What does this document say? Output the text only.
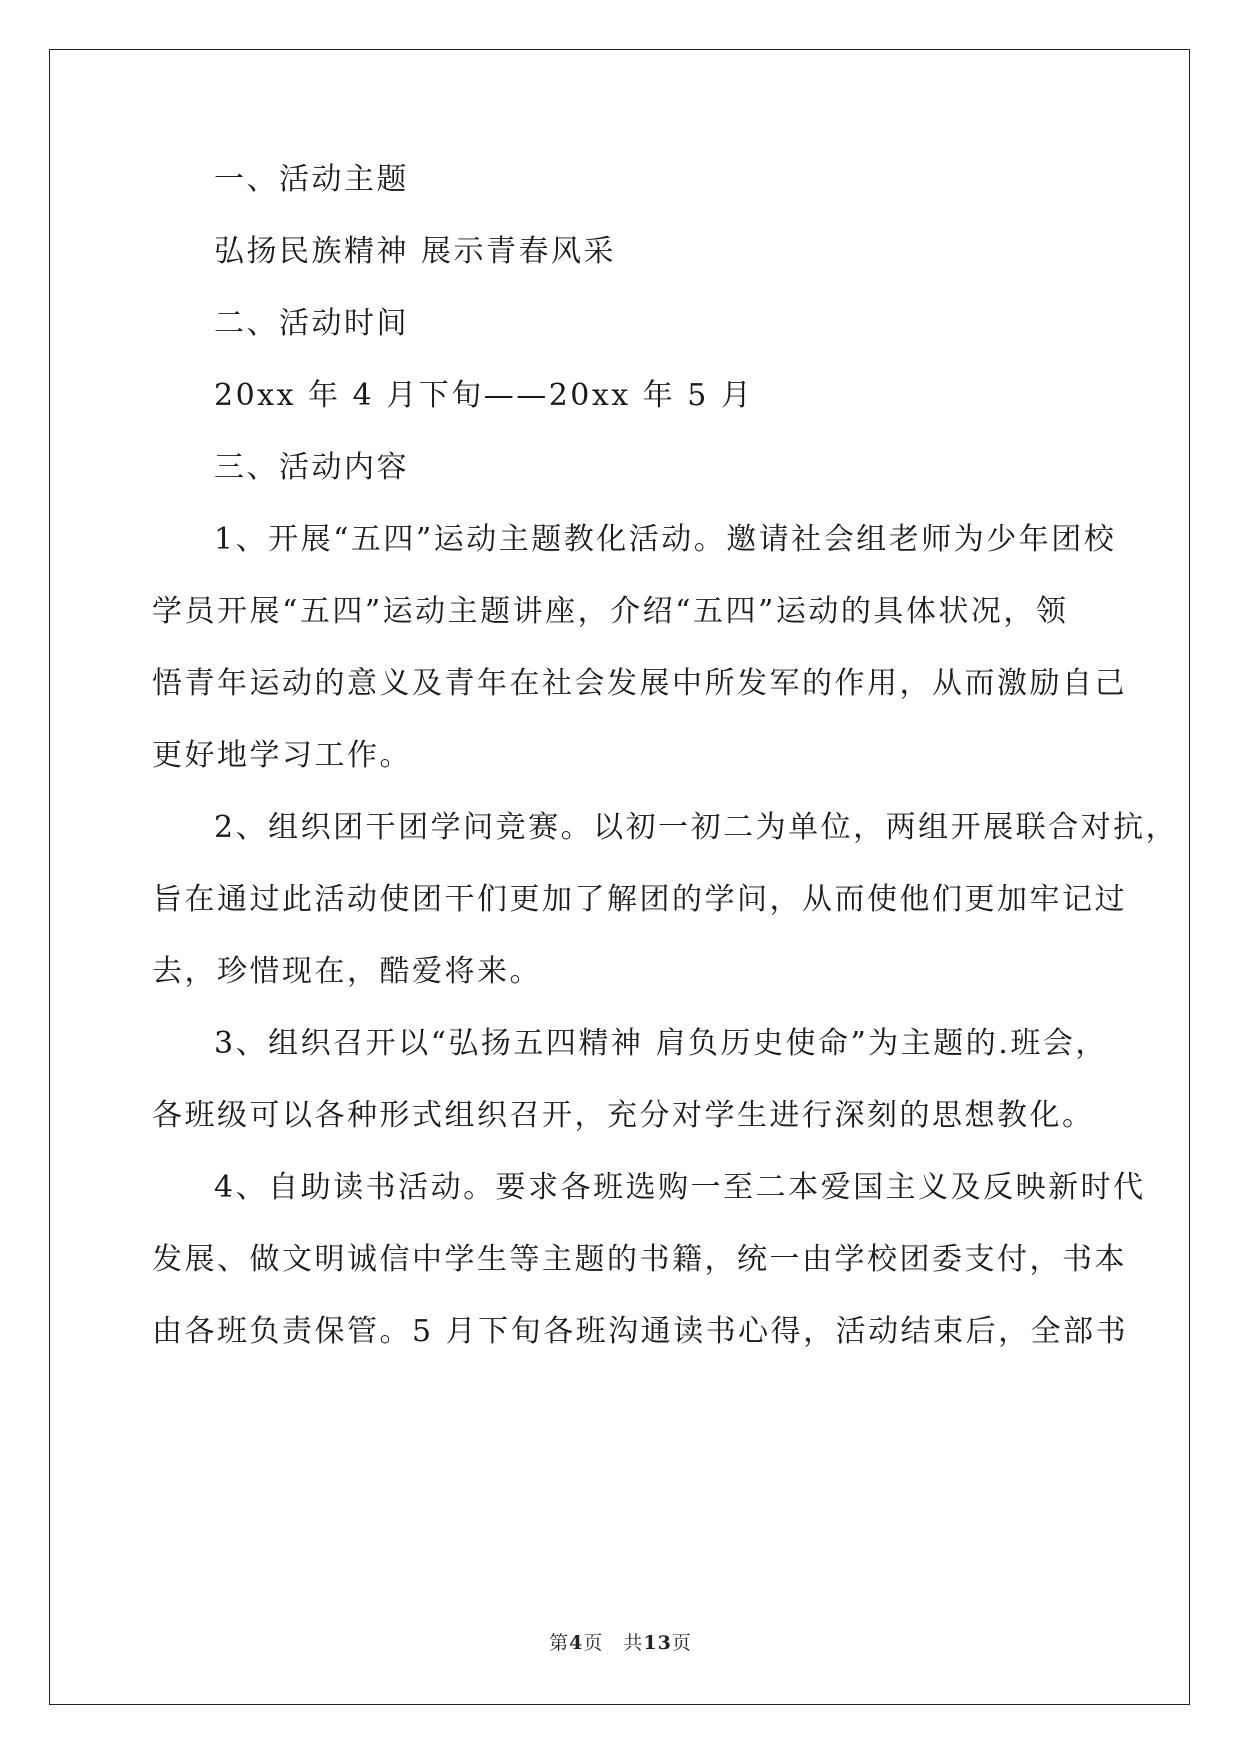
一、活动主题
弘扬民族精神 展示青春风采
二、活动时间
20xx 年 4 月下旬——20xx 年 5 月
三、活动内容
1、开展“五四”运动主题教化活动。邀请社会组老师为少年团校
学员开展“五四”运动主题讲座，介绍“五四”运动的具体状况，领
悟青年运动的意义及青年在社会发展中所发军的作用，从而激励自己
更好地学习工作。
2、组织团干团学问竞赛。以初一初二为单位，两组开展联合对抗，
旨在通过此活动使团干们更加了解团的学问，从而使他们更加牢记过
去，珍惜现在，酷爱将来。
3、组织召开以“弘扬五四精神 肩负历史使命”为主题的.班会，
各班级可以各种形式组织召开，充分对学生进行深刻的思想教化。
4、自助读书活动。要求各班选购一至二本爱国主义及反映新时代
发展、做文明诚信中学生等主题的书籍，统一由学校团委支付，书本
由各班负责保管。5 月下旬各班沟通读书心得，活动结束后，全部书
第4页　共13页
